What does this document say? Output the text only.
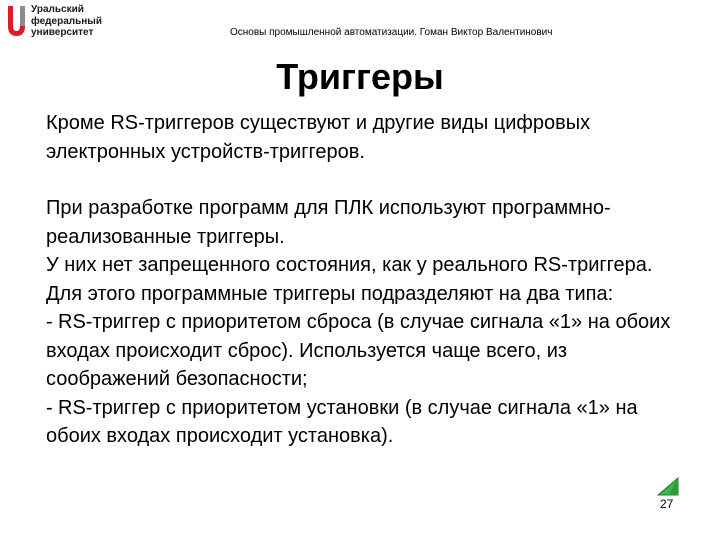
Уральский
федеральный
университет	Основы промышленной автоматизации. Гоман Виктор Валентинович
Триггеры

Кроме RS-триггеров существуют и другие виды цифровых электронных устройств-триггеров.

При разработке программ для ПЛК используют программно-реализованные триггеры.

У них нет запрещенного состояния, как у реального RS-триггера.

Для этого программные триггеры подразделяют на два типа:

- RS-триггер с приоритетом сброса (в случае сигнала «1» на обоих входах происходит сброс). Используется чаще всего, из соображений безопасности;

- RS-триггер с приоритетом установки (в случае сигнала «1» на обоих входах происходит установка).

27
